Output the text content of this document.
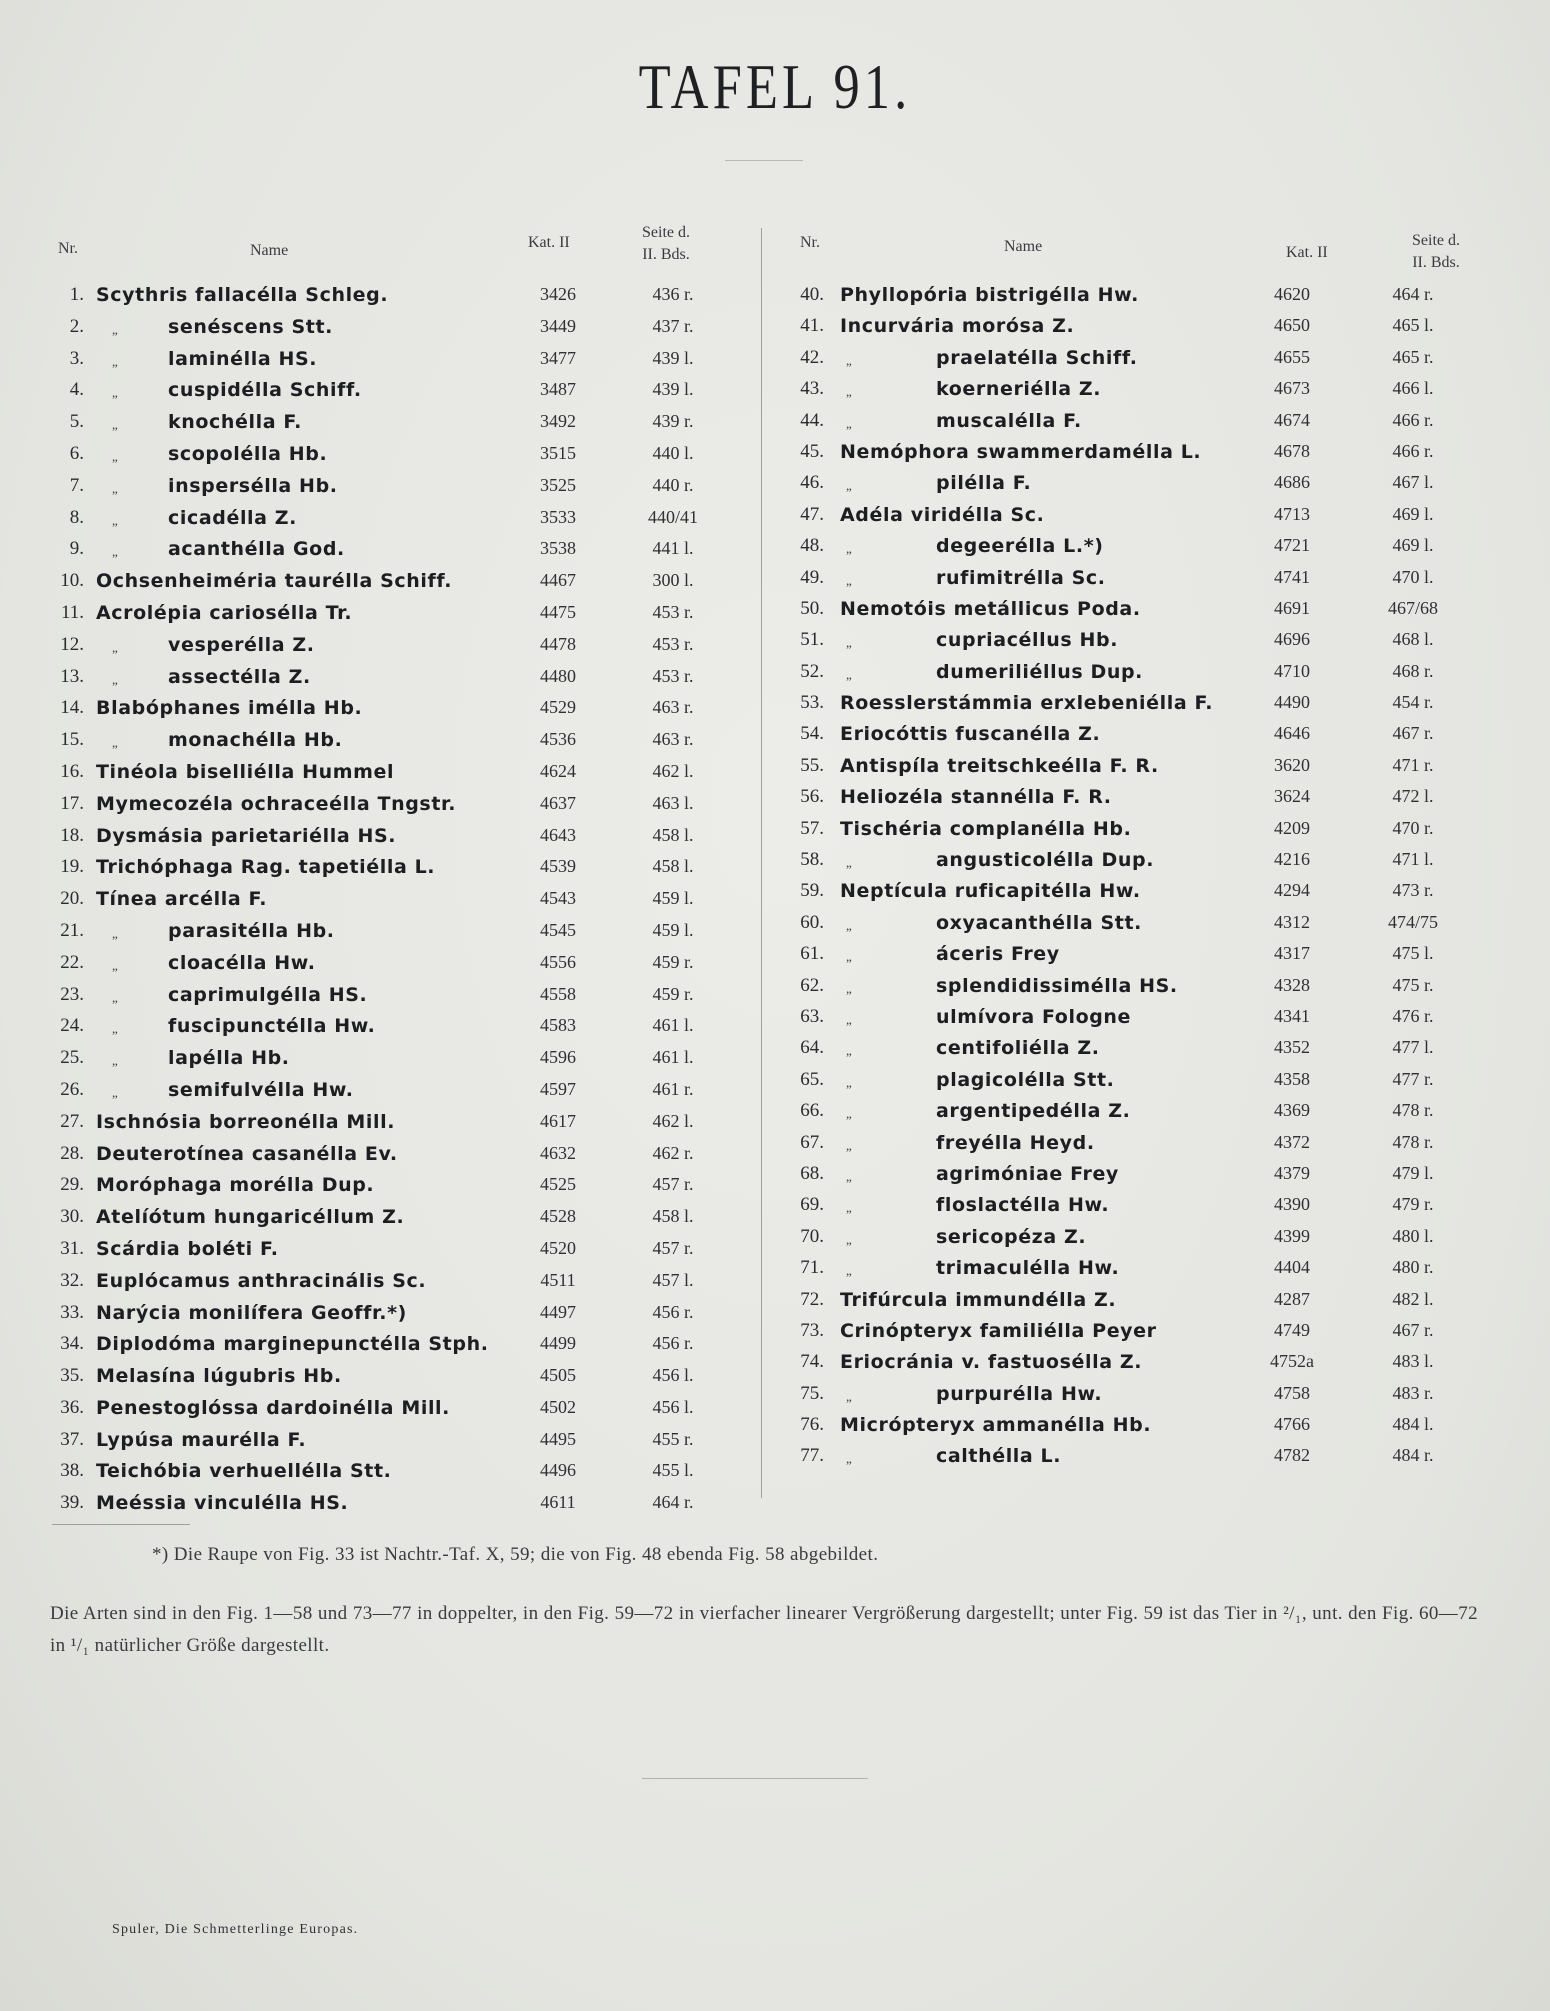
TAFEL 91.
Nr.	Name	Kat. II
Seite d.
II. Bds.
1. Scythris fallacélla Schleg.	3426	436 r.
2. „	senéscens Stt.	3449	437 r.
3. „	laminélla HS.	3477	439 l.
4. „	cuspidélla Schiff.	3487	439 l.
5. „	knochélla F.	3492	439 r.
6. „	scopolélla Hb.	3515	440 l.
7. „	inspersélla Hb.	3525	440 r.
8. „	cicadélla Z.	3533	440/41
9. „	acanthélla God.	3538	441 l.
10. Ochsenheiméria taurélla Schiff.	4467	300 l.
11. Acrolépia cariosélla Tr.	4475	453 r.
12. „	vesperélla Z.	4478	453 r.
13. „	assectélla Z.	4480	453 r.
14. Blabóphanes imélla Hb.	4529	463 r.
15. „	monachélla Hb.	4536	463 r.
16. Tinéola biselliélla Hummel	4624	462 l.
17. Mymecozéla ochraceélla Tngstr.	4637	463 l.
18. Dysmásia parietariélla HS.	4643	458 l.
19. Trichóphaga Rag. tapetiélla L.	4539	458 l.
20. Tínea arcélla F.	4543	459 l.
21. „	parasitélla Hb.	4545	459 l.
22. „	cloacélla Hw.	4556	459 r.
23. „	caprimulgélla HS.	4558	459 r.
24. „	fuscipunctélla Hw.	4583	461 l.
25. „	lapélla Hb.	4596	461 l.
26. „	semifulvélla Hw.	4597	461 r.
27. Ischnósia borreonélla Mill.	4617	462 l.
28. Deuterotínea casanélla Ev.	4632	462 r.
29. Moróphaga morélla Dup.	4525	457 r.
30. Atelíótum hungaricéllum Z.	4528	458 l.
31. Scárdia boléti F.	4520	457 r.
32. Euplócamus anthracinális Sc.	4511	457 l.
33. Narýcia monilífera Geoffr.*)	4497	456 r.
34. Diplodóma marginepunctélla Stph.	4499	456 r.
35. Melasína lúgubris Hb.	4505	456 l.
36. Penestoglóssa dardoinélla Mill.	4502	456 l.
37. Lypúsa maurélla F.	4495	455 r.
38. Teichóbia verhuellélla Stt.	4496	455 l.
39. Meéssia vinculélla HS.	4611	464 r.
Nr.	Name	Kat. II
Seite d.
II. Bds.
40. Phyllopória bistrigélla Hw.	4620	464 r.
41. Incurvária morósa Z.	4650	465 l.
42. „	praelatélla Schiff.	4655	465 r.
43. „	koerneriélla Z.	4673	466 l.
44. „	muscalélla F.	4674	466 r.
45. Nemóphora swammerdamélla L.	4678	466 r.
46. „	pilélla F.	4686	467 l.
47. Adéla viridélla Sc.	4713	469 l.
48. „	degeerélla L.*)	4721	469 l.
49. „	rufimitrélla Sc.	4741	470 l.
50. Nemotóis metállicus Poda.	4691	467/68
51. „	cupriacéllus Hb.	4696	468 l.
52. „	dumeriliéllus Dup.	4710	468 r.
53. Roesslerstámmia erxlebeniélla F.	4490	454 r.
54. Eriocóttis fuscanélla Z.	4646	467 r.
55. Antispíla treitschkeélla F. R.	3620	471 r.
56. Heliozéla stannélla F. R.	3624	472 l.
57. Tischéria complanélla Hb.	4209	470 r.
58. „	angusticolélla Dup.	4216	471 l.
59. Neptícula ruficapitélla Hw.	4294	473 r.
60. „	oxyacanthélla Stt.	4312	474/75
61. „	áceris Frey	4317	475 l.
62. „	splendidissimélla HS.	4328	475 r.
63. „	ulmívora Fologne	4341	476 r.
64. „	centifoliélla Z.	4352	477 l.
65. „	plagicolélla Stt.	4358	477 r.
66. „	argentipedélla Z.	4369	478 r.
67. „	freyélla Heyd.	4372	478 r.
68. „	agrimóniae Frey	4379	479 l.
69. „	floslactélla Hw.	4390	479 r.
70. „	sericopéza Z.	4399	480 l.
71. „	trimaculélla Hw.	4404	480 r.
72. Trifúrcula immundélla Z.	4287	482 l.
73. Crinópteryx familiélla Peyer	4749	467 r.
74. Eriocránia v. fastuosélla Z.	4752a	483 l.
75. „	purpurélla Hw.	4758	483 r.
76. Micrópteryx ammanélla Hb.	4766	484 l.
77. „	calthélla L.	4782	484 r.
*) Die Raupe von Fig. 33 ist Nachtr.-Taf. X, 59; die von Fig. 48 ebenda Fig. 58 abgebildet.
Die Arten sind in den Fig. 1—58 und 73—77 in doppelter, in den Fig. 59—72 in vierfacher linearer Vergrößerung dargestellt; unter Fig. 59 ist das Tier in ²/₁, unt. den Fig. 60—72 in ¹/₁ natürlicher Größe dargestellt.
Spuler, Die Schmetterlinge Europas.
